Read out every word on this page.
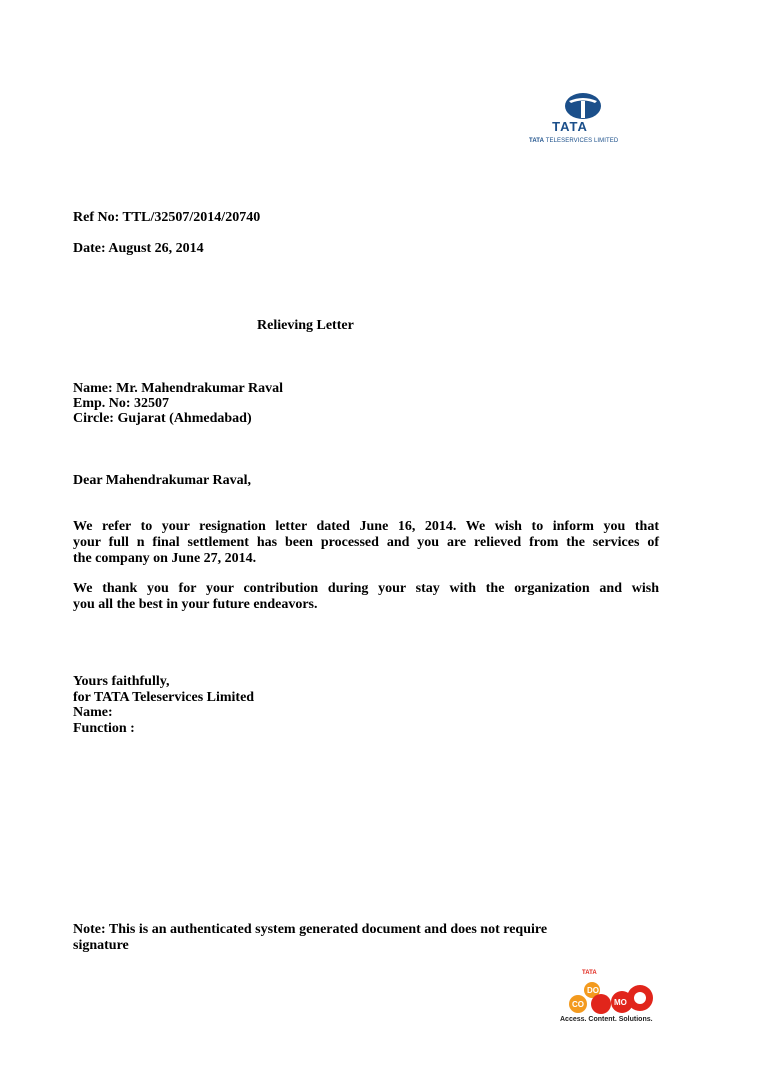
TATA
TATA TELESERVICES LIMITED
Ref No: TTL/32507/2014/20740
Date: August 26, 2014
Relieving Letter
Name: Mr. Mahendrakumar Raval
Emp. No: 32507
Circle: Gujarat (Ahmedabad)
Dear Mahendrakumar Raval,
We refer to your resignation letter dated June 16, 2014. We wish to inform you that
your full n final settlement has been processed and you are relieved from the services of
the company on June 27, 2014.
We thank you for your contribution during your stay with the organization and wish
you all the best in your future endeavors.
Yours faithfully,
for TATA Teleservices Limited
Name:
Function :
Note: This is an authenticated system generated document and does not require
signature
TATA
DO
CO	MO
Access. Content. Solutions.
